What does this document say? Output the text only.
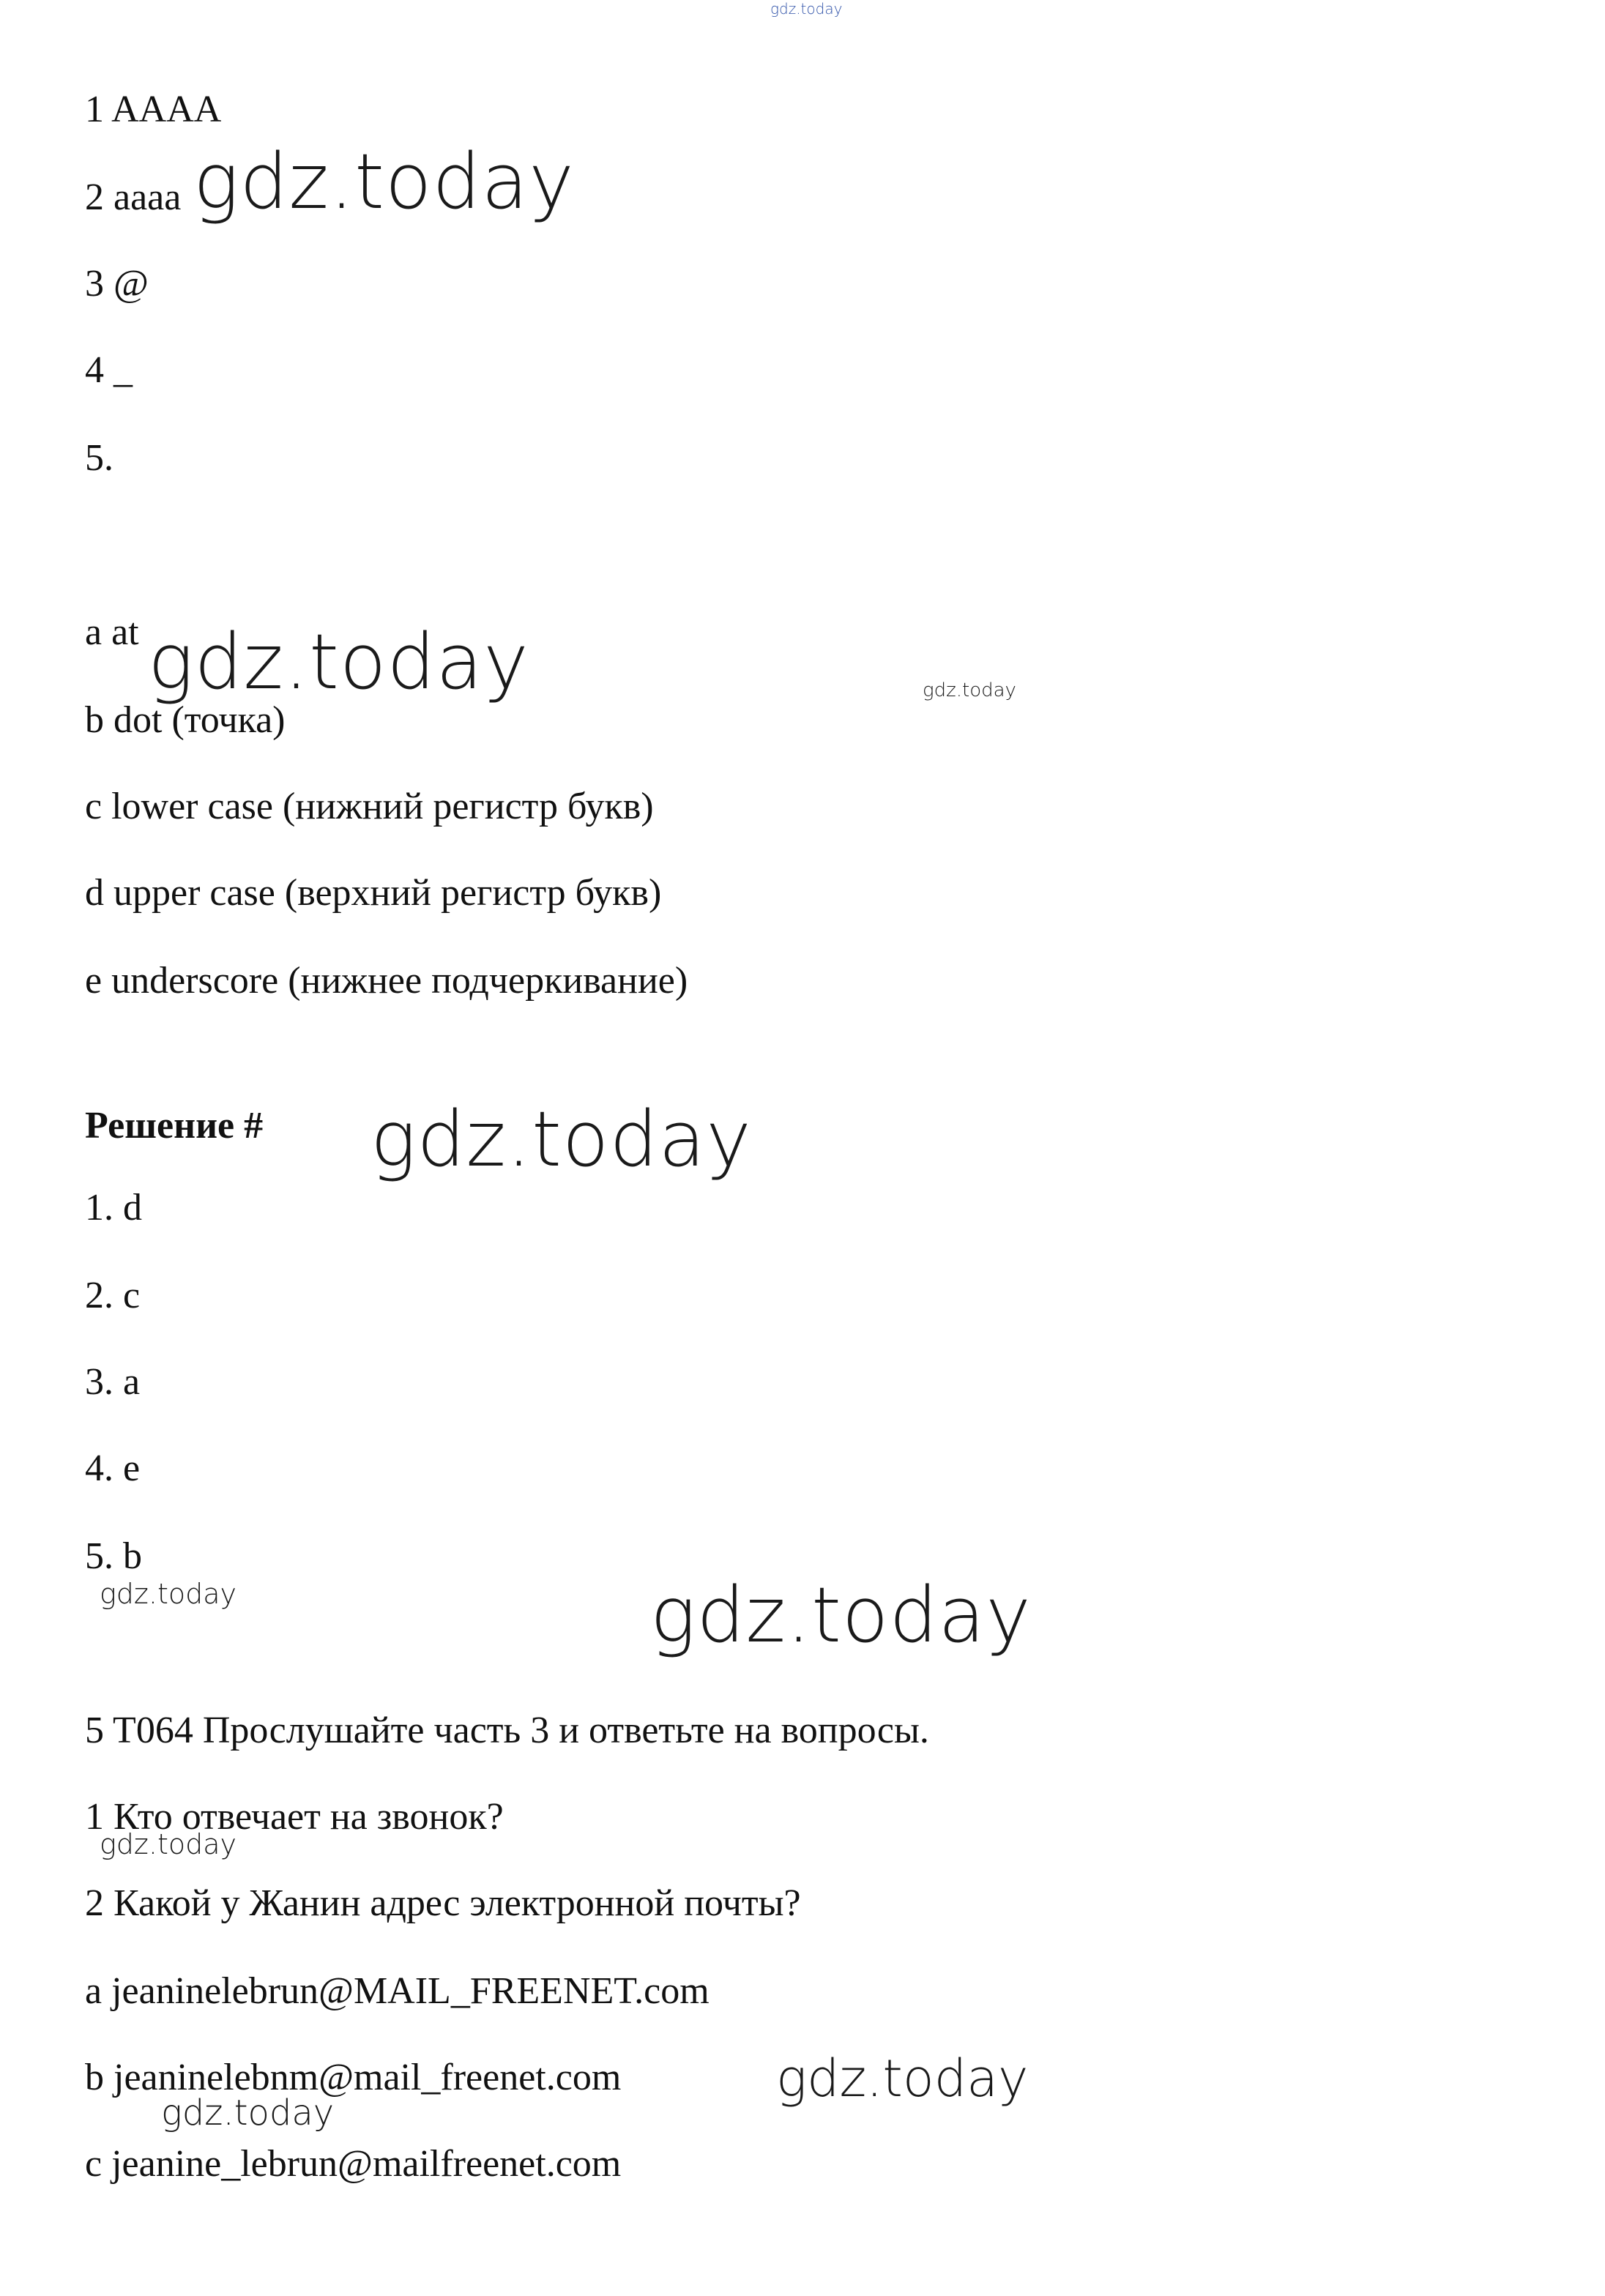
gdz.today
1 AAAA
2 aaaa gdz.today
3 @
4 _
5.
a at gdz.today	gdz.today
b dot (точка)
c lower case (нижний регистр букв)
d upper case (верхний регистр букв)
e underscore (нижнее подчеркивание)
Решение # gdz.today
1. d
2. c
3. a
4. e
5. b
gdz.today	gdz.today
5 T064 Прослушайте часть 3 и ответьте на вопросы.
1 Кто отвечает на звонок?
gdz.today
2 Какой у Жанин адрес электронной почты?
a jeaninelebrun@MAIL_FREENET.com
b jeaninelebnm@mail_freenet.com	gdz.today
gdz.today
c jeanine_lebrun@mailfreenet.com
